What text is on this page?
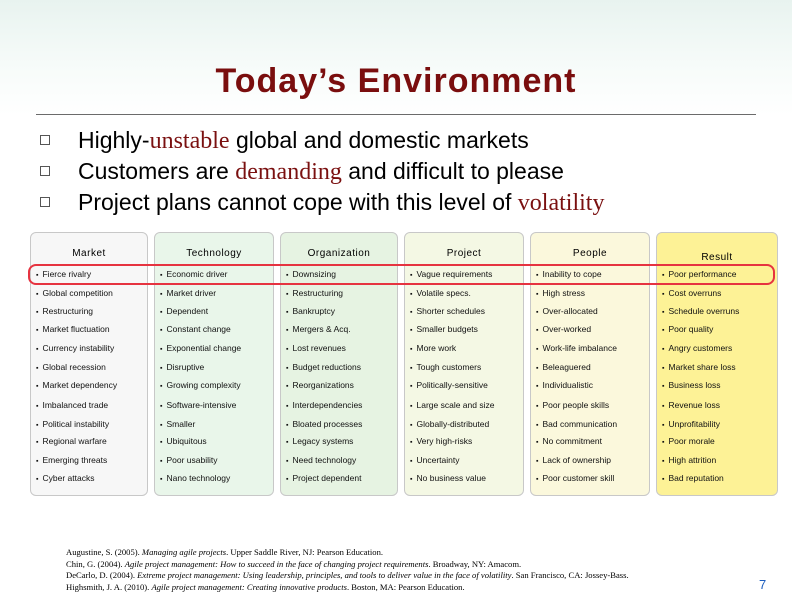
Today’s Environment
Highly-unstable global and domestic markets
Customers are demanding and difficult to please
Project plans cannot cope with this level of volatility
Market
▪ Fierce rivalry
▪ Global competition
▪ Restructuring
▪ Market fluctuation
▪ Currency instability
▪ Global recession
▪ Market dependency
▪ Imbalanced trade
▪ Political instability
▪ Regional warfare
▪ Emerging threats
▪ Cyber attacks
Technology
▪ Economic driver
▪ Market driver
▪ Dependent
▪ Constant change
▪ Exponential change
▪ Disruptive
▪ Growing complexity
▪ Software-intensive
▪ Smaller
▪ Ubiquitous
▪ Poor usability
▪ Nano technology
Organization
▪ Downsizing
▪ Restructuring
▪ Bankruptcy
▪ Mergers & Acq.
▪ Lost revenues
▪ Budget reductions
▪ Reorganizations
▪ Interdependencies
▪ Bloated processes
▪ Legacy systems
▪ Need technology
▪ Project dependent
Project
▪ Vague requirements
▪ Volatile specs.
▪ Shorter schedules
▪ Smaller budgets
▪ More work
▪ Tough customers
▪ Politically-sensitive
▪ Large scale and size
▪ Globally-distributed
▪ Very high-risks
▪ Uncertainty
▪ No business value
People
▪ Inability to cope
▪ High stress
▪ Over-allocated
▪ Over-worked
▪ Work-life imbalance
▪ Beleaguered
▪ Individualistic
▪ Poor people skills
▪ Bad communication
▪ No commitment
▪ Lack of ownership
▪ Poor customer skill
Result
▪ Poor performance
▪ Cost overruns
▪ Schedule overruns
▪ Poor quality
▪ Angry customers
▪ Market share loss
▪ Business loss
▪ Revenue loss
▪ Unprofitability
▪ Poor morale
▪ High attrition
▪ Bad reputation
Augustine, S. (2005). Managing agile projects. Upper Saddle River, NJ: Pearson Education.
Chin, G. (2004). Agile project management: How to succeed in the face of changing project requirements. Broadway, NY: Amacom.
DeCarlo, D. (2004). Extreme project management: Using leadership, principles, and tools to deliver value in the face of volatility. San Francisco, CA: Jossey-Bass.
Highsmith, J. A. (2010). Agile project management: Creating innovative products. Boston, MA: Pearson Education.	7
